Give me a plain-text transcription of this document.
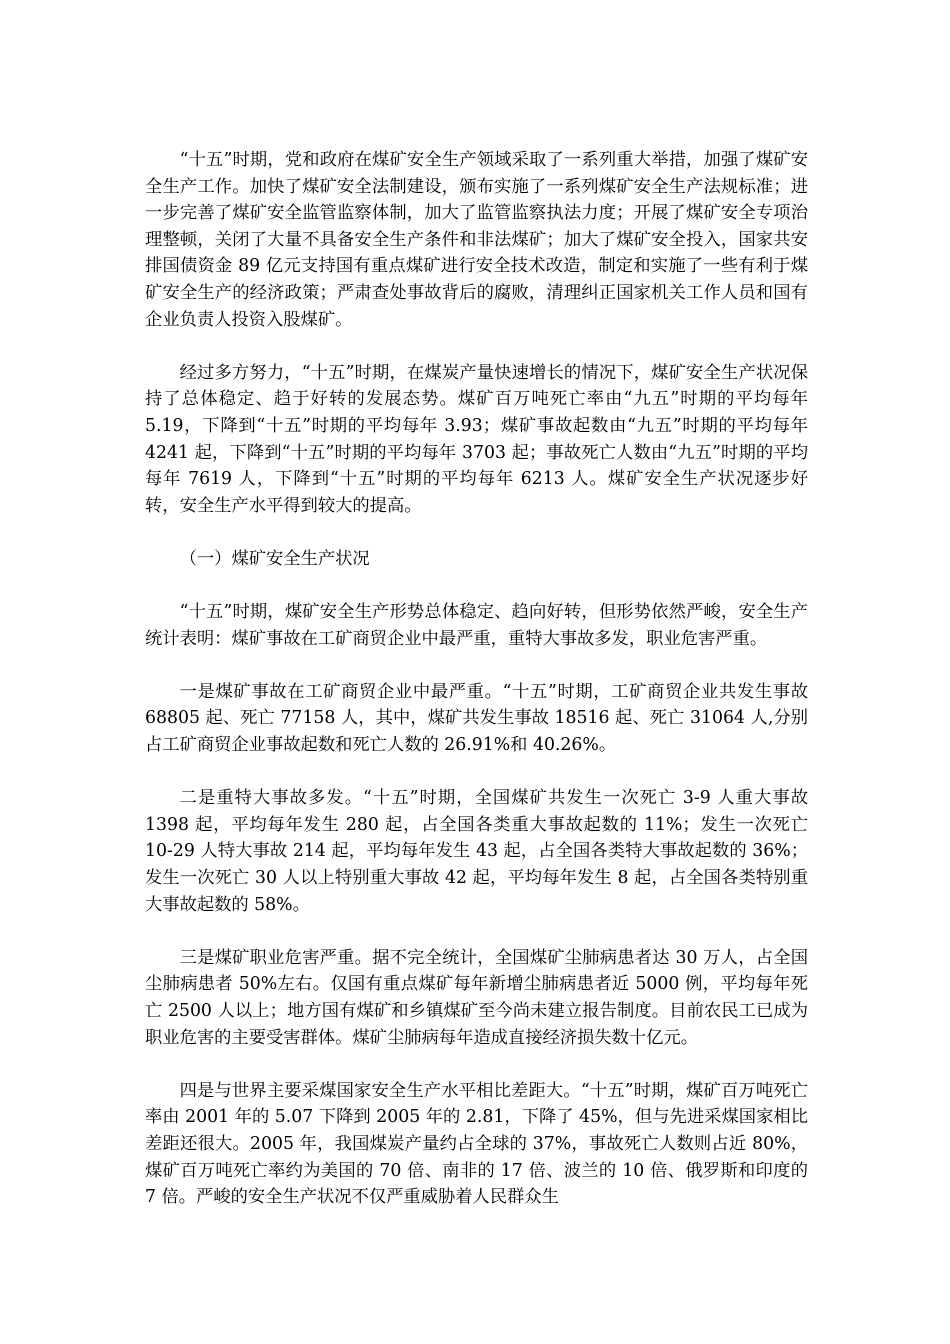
“十五”时期，党和政府在煤矿安全生产领域采取了一系列重大举措，加强了煤矿安全生产工作。加快了煤矿安全法制建设，颁布实施了一系列煤矿安全生产法规标准；进一步完善了煤矿安全监管监察体制，加大了监管监察执法力度；开展了煤矿安全专项治理整顿，关闭了大量不具备安全生产条件和非法煤矿；加大了煤矿安全投入，国家共安排国债资金 89 亿元支持国有重点煤矿进行安全技术改造，制定和实施了一些有利于煤矿安全生产的经济政策；严肃查处事故背后的腐败，清理纠正国家机关工作人员和国有企业负责人投资入股煤矿。

经过多方努力，“十五”时期，在煤炭产量快速增长的情况下，煤矿安全生产状况保持了总体稳定、趋于好转的发展态势。煤矿百万吨死亡率由“九五”时期的平均每年 5.19，下降到“十五”时期的平均每年 3.93；煤矿事故起数由“九五”时期的平均每年 4241 起，下降到“十五”时期的平均每年 3703 起；事故死亡人数由“九五”时期的平均每年 7619 人，下降到“十五”时期的平均每年 6213 人。煤矿安全生产状况逐步好转，安全生产水平得到较大的提高。

（一）煤矿安全生产状况

“十五”时期，煤矿安全生产形势总体稳定、趋向好转，但形势依然严峻，安全生产统计表明：煤矿事故在工矿商贸企业中最严重，重特大事故多发，职业危害严重。

一是煤矿事故在工矿商贸企业中最严重。“十五”时期，工矿商贸企业共发生事故 68805 起、死亡 77158 人，其中，煤矿共发生事故 18516 起、死亡 31064 人,分别占工矿商贸企业事故起数和死亡人数的 26.91%和 40.26%。

二是重特大事故多发。“十五”时期，全国煤矿共发生一次死亡 3-9 人重大事故 1398 起，平均每年发生 280 起，占全国各类重大事故起数的 11%；发生一次死亡 10-29 人特大事故 214 起，平均每年发生 43 起，占全国各类特大事故起数的 36%；发生一次死亡 30 人以上特别重大事故 42 起，平均每年发生 8 起，占全国各类特别重大事故起数的 58%。

三是煤矿职业危害严重。据不完全统计，全国煤矿尘肺病患者达 30 万人，占全国尘肺病患者 50%左右。仅国有重点煤矿每年新增尘肺病患者近 5000 例，平均每年死亡 2500 人以上；地方国有煤矿和乡镇煤矿至今尚未建立报告制度。目前农民工已成为职业危害的主要受害群体。煤矿尘肺病每年造成直接经济损失数十亿元。

四是与世界主要采煤国家安全生产水平相比差距大。“十五”时期，煤矿百万吨死亡率由 2001 年的 5.07 下降到 2005 年的 2.81，下降了 45%，但与先进采煤国家相比差距还很大。2005 年，我国煤炭产量约占全球的 37%，事故死亡人数则占近 80%，煤矿百万吨死亡率约为美国的 70 倍、南非的 17 倍、波兰的 10 倍、俄罗斯和印度的 7 倍。严峻的安全生产状况不仅严重威胁着人民群众生
